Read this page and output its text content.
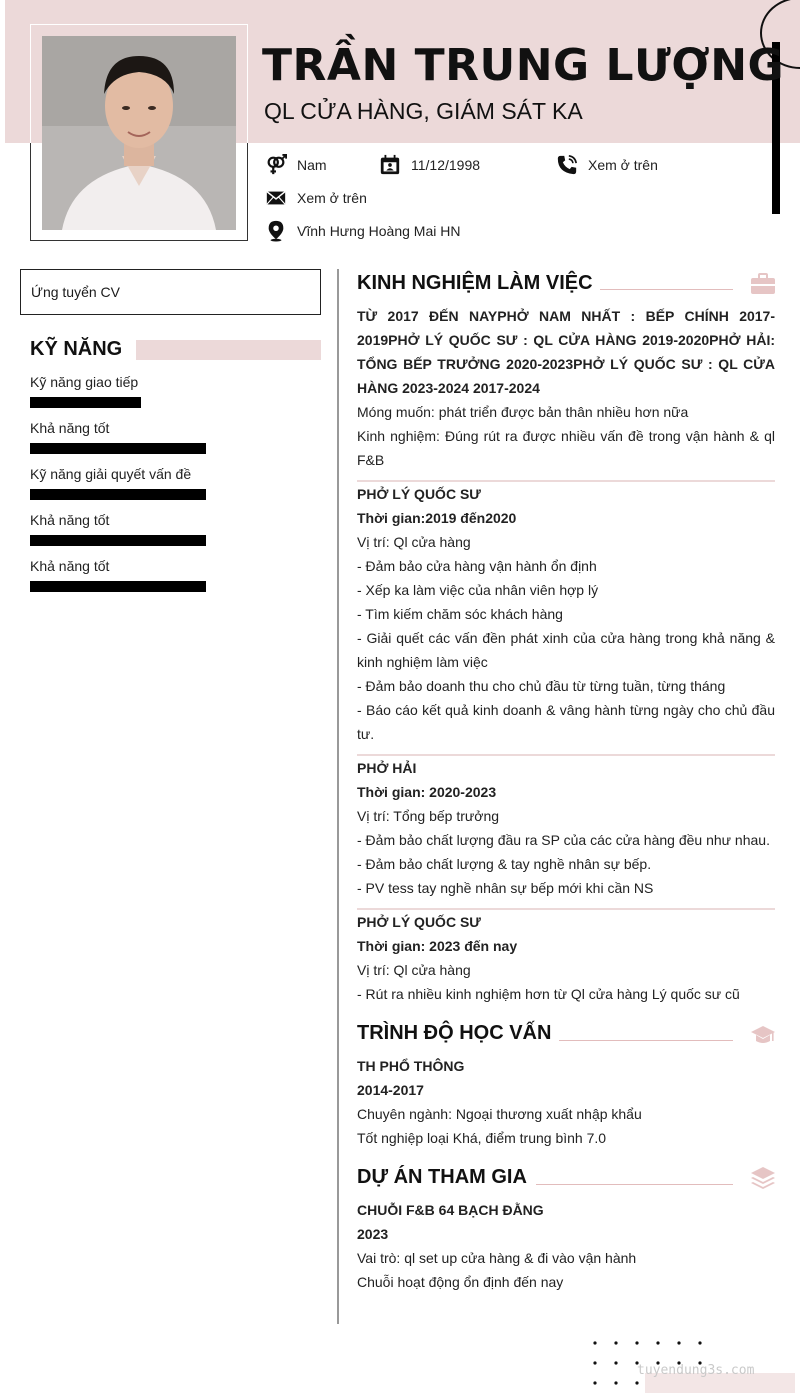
TRẦN TRUNG LƯỢNG
QL CỬA HÀNG, GIÁM SÁT KA
Nam	11/12/1998	Xem ở trên
Xem ở trên
Vĩnh Hưng Hoàng Mai HN
Ứng tuyển CV
KỸ NĂNG
Kỹ năng giao tiếp
Khả năng tốt
Kỹ năng giải quyết vấn đề
Khả năng tốt
Khả năng tốt
KINH NGHIỆM LÀM VIỆC
TỪ 2017 ĐẾN NAYPHỞ NAM NHẤT : BẾP CHÍNH 2017-2019PHỞ LÝ QUỐC SƯ : QL CỬA HÀNG 2019-2020PHỞ HẢI: TỔNG BẾP TRƯỞNG 2020-2023PHỞ LÝ QUỐC SƯ : QL CỬA HÀNG 2023-2024 2017-2024
Móng muốn: phát triển được bản thân nhiều hơn nữa
Kinh nghiệm: Đúng rút ra được nhiều vấn đề trong vận hành & ql F&B
PHỞ LÝ QUỐC SƯ
Thời gian:2019 đến2020
Vị trí: Ql cửa hàng
- Đảm bảo cửa hàng vận hành ổn định
- Xếp ka làm việc của nhân viên hợp lý
- Tìm kiếm chăm sóc khách hàng
- Giải quết các vấn đền phát xinh của cửa hàng trong khả năng & kinh nghiệm làm việc
- Đảm bảo doanh thu cho chủ đầu từ từng tuần, từng tháng
- Báo cáo kết quả kinh doanh & vâng hành từng ngày cho chủ đầu tư.
PHỞ HẢI
Thời gian: 2020-2023
Vị trí: Tổng bếp trưởng
- Đảm bảo chất lượng đầu ra SP của các cửa hàng đều như nhau.
- Đảm bảo chất lượng & tay nghề nhân sự bếp.
- PV tess tay nghề nhân sự bếp mới khi cần NS
PHỞ LÝ QUỐC SƯ
Thời gian: 2023 đến nay
Vị trí: Ql cửa hàng
- Rút ra nhiều kinh nghiệm hơn từ Ql cửa hàng Lý quốc sư cũ
TRÌNH ĐỘ HỌC VẤN
TH PHỔ THÔNG
2014-2017
Chuyên ngành: Ngoại thương xuất nhập khẩu
Tốt nghiệp loại Khá, điểm trung bình 7.0
DỰ ÁN THAM GIA
CHUỖI F&B 64 BẠCH ĐẰNG
2023
Vai trò: ql set up cửa hàng & đi vào vận hành
Chuỗi hoạt động ổn định đến nay
tuyendung3s.com
